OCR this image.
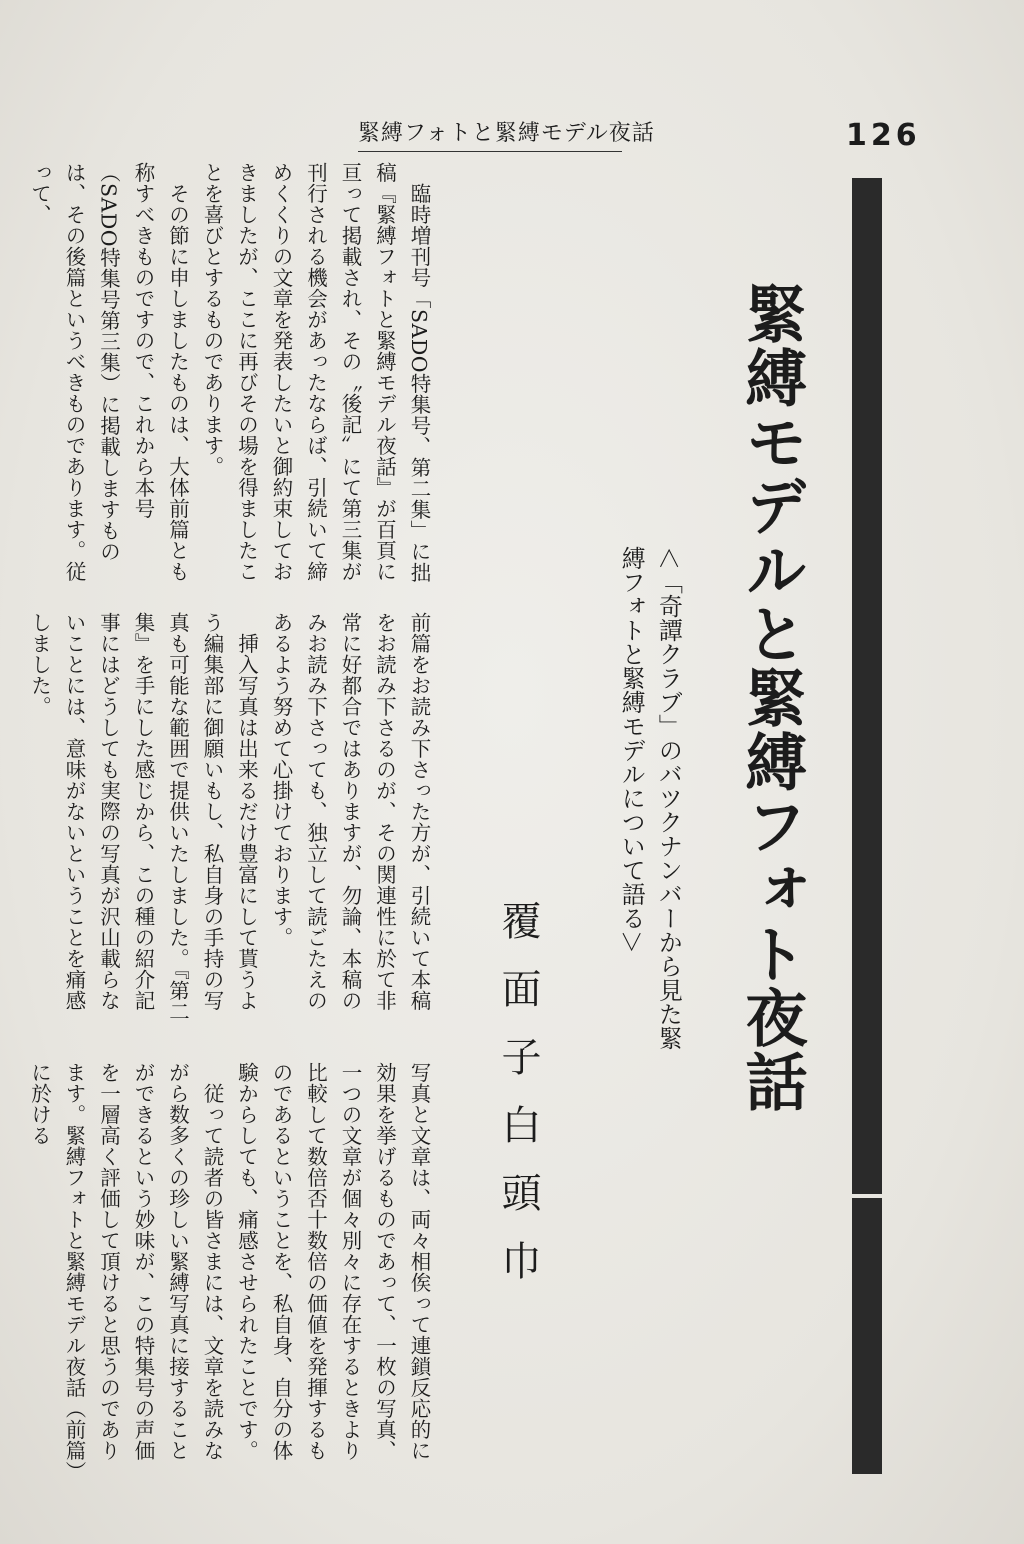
緊縛フォトと緊縛モデル夜話	126
緊縛モデルと緊縛フォト夜話
＜「奇譚クラブ」のバツクナンバーから見た緊縛フォトと緊縛モデルについて語る＞
覆面子白頭巾

臨時増刊号「SADO特集号、第二集」に拙稿『緊縛フォトと緊縛モデル夜話』が百頁に亘って掲載され、その〝後記〟にて第三集が刊行される機会があったならば、引続いて締めくくりの文章を発表したいと御約束しておきましたが、ここに再びその場を得ましたことを喜びとするものであります。

その節に申しましたものは、大体前篇とも称すべきものですので、これから本号（SADO特集号第三集）に掲載しますものは、その後篇というべきものであります。従って、

前篇をお読み下さった方が、引続いて本稿をお読み下さるのが、その関連性に於て非常に好都合ではありますが、勿論、本稿のみお読み下さっても、独立して読ごたえのあるよう努めて心掛けております。

挿入写真は出来るだけ豊富にして貰うよう編集部に御願いもし、私自身の手持の写真も可能な範囲で提供いたしました。『第二集』を手にした感じから、この種の紹介記事にはどうしても実際の写真が沢山載らないことには、意味がないということを痛感しました。

写真と文章は、両々相俟って連鎖反応的に効果を挙げるものであって、一枚の写真、一つの文章が個々別々に存在するときより比較して数倍否十数倍の価値を発揮するものであるということを、私自身、自分の体験からしても、痛感させられたことです。

従って読者の皆さまには、文章を読みながら数多くの珍しい緊縛写真に接することができるという妙味が、この特集号の声価を一層高く評価して頂けると思うのであります。緊縛フォトと緊縛モデル夜話（前篇）に於ける
